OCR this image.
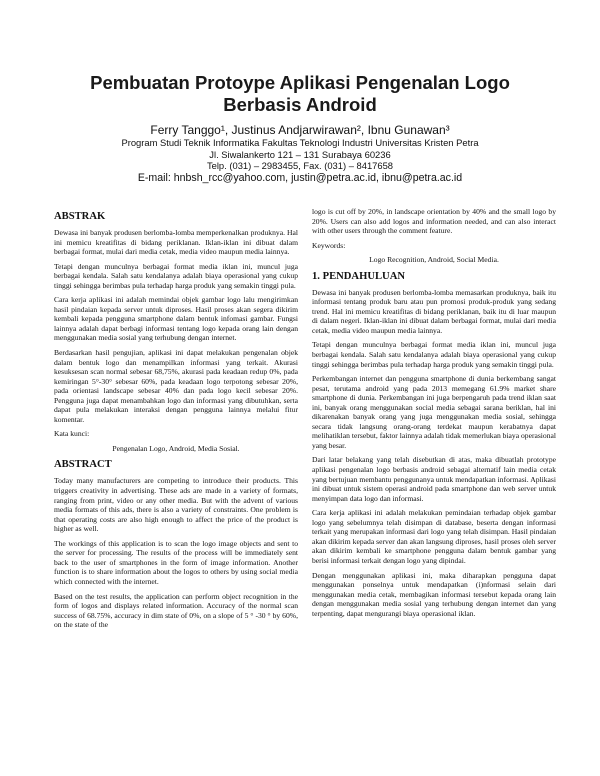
Pembuatan Protoype Aplikasi Pengenalan Logo
Berbasis Android
Ferry Tanggo¹, Justinus Andjarwirawan², Ibnu Gunawan³
Program Studi Teknik Informatika Fakultas Teknologi Industri Universitas Kristen Petra
Jl. Siwalankerto 121 – 131 Surabaya 60236
Telp. (031) – 2983455, Fax. (031) – 8417658
E-mail: hnbsh_rcc@yahoo.com, justin@petra.ac.id, ibnu@petra.ac.id
ABSTRAK

Dewasa ini banyak produsen berlomba-lomba memperkenalkan produknya. Hal ini memicu kreatifitas di bidang periklanan. Iklan-iklan ini dibuat dalam berbagai format, mulai dari media cetak, media video maupun media lainnya.

Tetapi dengan munculnya berbagai format media iklan ini, muncul juga berbagai kendala. Salah satu kendalanya adalah biaya operasional yang cukup tinggi sehingga berimbas pula terhadap harga produk yang semakin tinggi pula.

Cara kerja aplikasi ini adalah memindai objek gambar logo lalu mengirimkan hasil pindaian kepada server untuk diproses. Hasil proses akan segera dikirim kembali kepada pengguna smartphone dalam bentuk infomasi gambar. Fungsi lainnya adalah dapat berbagi informasi tentang logo kepada orang lain dengan menggunakan media sosial yang terhubung dengan internet.

Berdasarkan hasil pengujian, aplikasi ini dapat melakukan pengenalan objek dalam bentuk logo dan menampilkan informasi yang terkait. Akurasi kesuksesan scan normal sebesar 68,75%, akurasi pada keadaan redup 0%, pada kemiringan 5°-30° sebesar 60%, pada keadaan logo terpotong sebesar 20%, pada orientasi landscape sebesar 40% dan pada logo kecil sebesar 20%. Pengguna juga dapat menambahkan logo dan informasi yang dibutuhkan, serta dapat pula melakukan interaksi dengan pengguna lainnya melalui fitur komentar.

Kata kunci:

Pengenalan Logo, Android, Media Sosial.

ABSTRACT

Today many manufacturers are competing to introduce their products. This triggers creativity in advertising. These ads are made in a variety of formats, ranging from print, video or any other media. But with the advent of various media formats of this ads, there is also a variety of constraints. One problem is that operating costs are also high enough to affect the price of the product is higher as well.

The workings of this application is to scan the logo image objects and sent to the server for processing. The results of the process will be immediately sent back to the user of smartphones in the form of image information. Another function is to share information about the logos to others by using social media which connected with the internet.

Based on the test results, the application can perform object recognition in the form of logos and displays related information. Accuracy of the normal scan success of 68.75%, accuracy in dim state of 0%, on a slope of 5 ° -30 ° by 60%, on the state of the

logo is cut off by 20%, in landscape orientation by 40% and the small logo by 20%. Users can also add logos and information needed, and can also interact with other users through the comment feature.

Keywords:

Logo Recognition, Android, Social Media.

1. PENDAHULUAN

Dewasa ini banyak produsen berlomba-lomba memasarkan produknya, baik itu informasi tentang produk baru atau pun promosi produk-produk yang sedang trend. Hal ini memicu kreatifitas di bidang periklanan, baik itu di luar maupun di dalam negeri. Iklan-iklan ini dibuat dalam berbagai format, mulai dari media cetak, media video maupun media lainnya.

Tetapi dengan munculnya berbagai format media iklan ini, muncul juga berbagai kendala. Salah satu kendalanya adalah biaya operasional yang cukup tinggi sehingga berimbas pula terhadap harga produk yang semakin tinggi pula.

Perkembangan internet dan pengguna smartphone di dunia berkembang sangat pesat, terutama android yang pada 2013 memegang 61.9% market share smartphone di dunia. Perkembangan ini juga berpengaruh pada trend iklan saat ini, banyak orang menggunakan social media sebagai sarana beriklan, hal ini dikarenakan banyak orang yang juga menggunakan media sosial, sehingga secara tidak langsung orang-orang terdekat maupun kerabatnya dapat melihatiklan tersebut, faktor lainnya adalah tidak memerlukan biaya operasional yang besar.

Dari latar belakang yang telah disebutkan di atas, maka dibuatlah prototype aplikasi pengenalan logo berbasis android sebagai alternatif lain media cetak yang bertujuan membantu penggunanya untuk mendapatkan informasi. Aplikasi ini dibuat untuk sistem operasi android pada smartphone dan web server untuk menyimpan data logo dan informasi.

Cara kerja aplikasi ini adalah melakukan pemindaian terhadap objek gambar logo yang sebelumnya telah disimpan di database, beserta dengan informasi terkait yang merupakan informasi dari logo yang telah disimpan. Hasil pindaian akan dikirim kepada server dan akan langsung diproses, hasil proses oleh server akan dikirim kembali ke smartphone pengguna dalam bentuk gambar yang berisi informasi terkait dengan logo yang dipindai.

Dengan menggunakan aplikasi ini, maka diharapkan pengguna dapat menggunakan ponselnya untuk mendapatkan (i)nformasi selain dari menggunakan media cetak, membagikan informasi tersebut kepada orang lain dengan menggunakan media sosial yang terhubung dengan internet dan yang terpenting, dapat mengurangi biaya operasional iklan.
